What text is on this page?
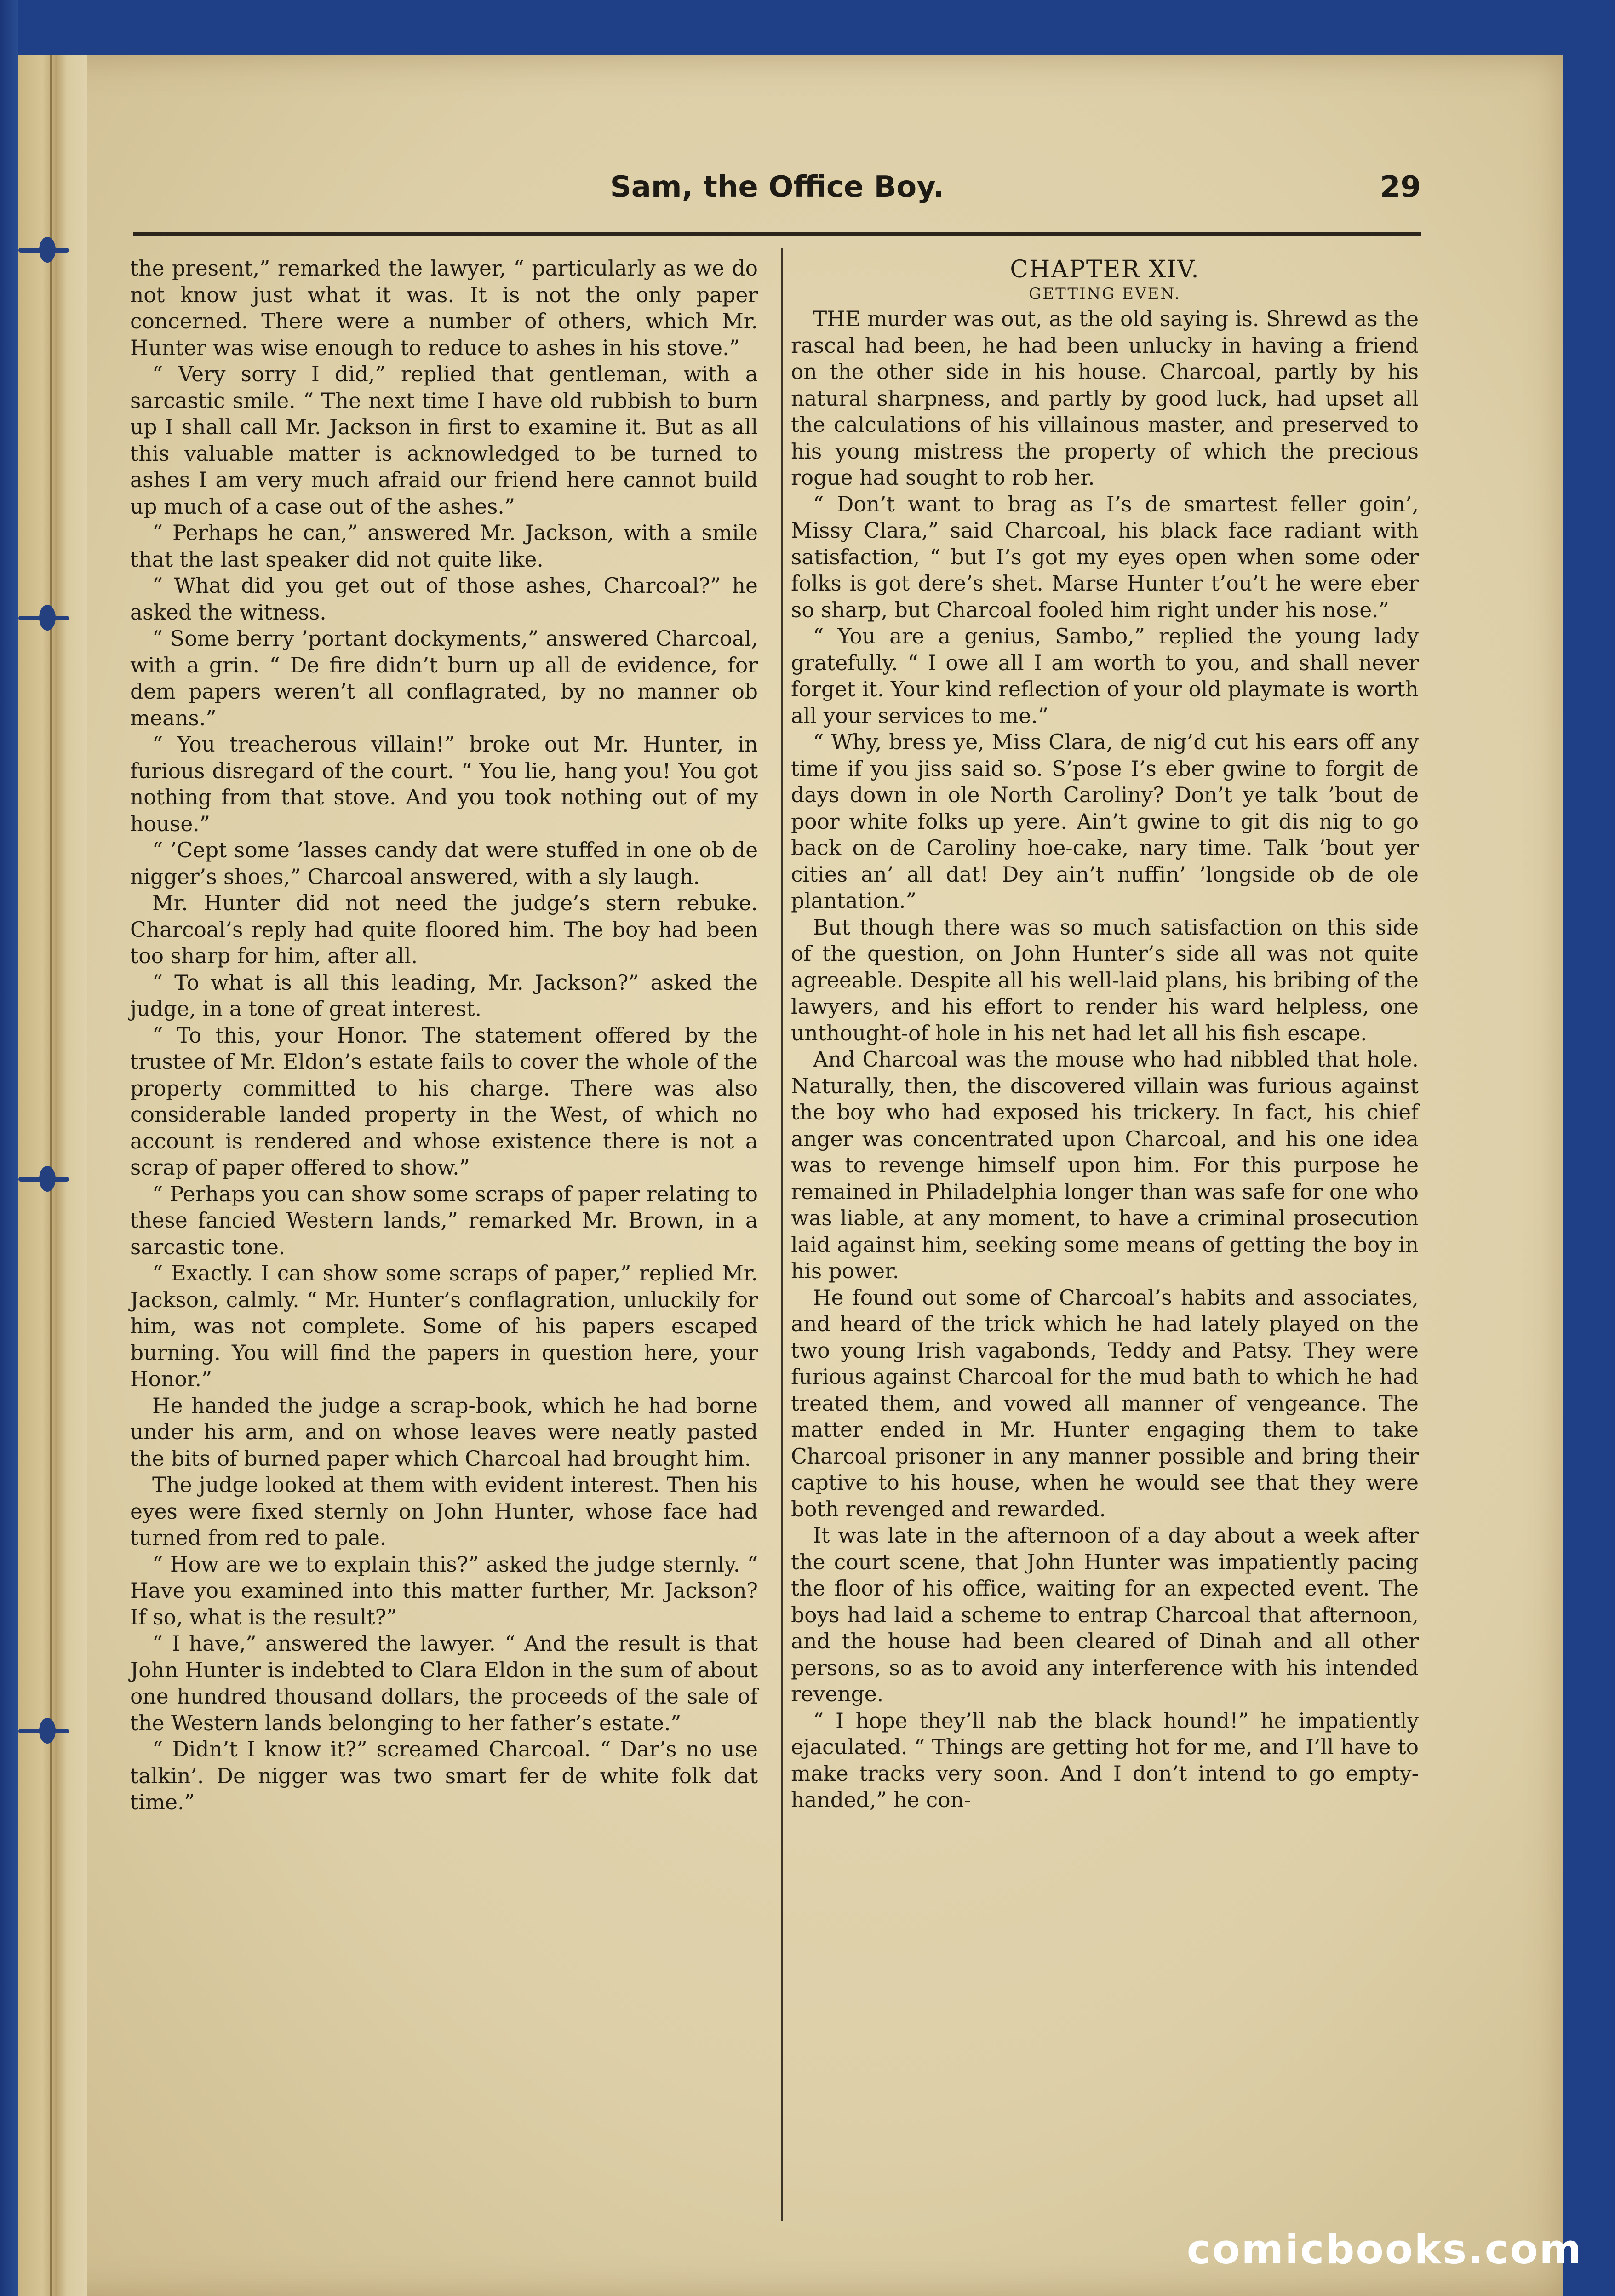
Sam, the Office Boy.	29

the present,” remarked the lawyer, “ particularly as we do not know just what it was. It is not the only paper concerned. There were a number of others, which Mr. Hunter was wise enough to reduce to ashes in his stove.”

“ Very sorry I did,” replied that gentleman, with a sarcastic smile. “ The next time I have old rubbish to burn up I shall call Mr. Jackson in first to examine it. But as all this valuable matter is acknowledged to be turned to ashes I am very much afraid our friend here cannot build up much of a case out of the ashes.”

“ Perhaps he can,” answered Mr. Jackson, with a smile that the last speaker did not quite like.

“ What did you get out of those ashes, Charcoal?” he asked the witness.

“ Some berry ’portant dockyments,” answered Charcoal, with a grin. “ De fire didn’t burn up all de evidence, for dem papers weren’t all conflagrated, by no manner ob means.”

“ You treacherous villain!” broke out Mr. Hunter, in furious disregard of the court. “ You lie, hang you! You got nothing from that stove. And you took nothing out of my house.”

“ ’Cept some ’lasses candy dat were stuffed in one ob de nigger’s shoes,” Charcoal answered, with a sly laugh.

Mr. Hunter did not need the judge’s stern rebuke. Charcoal’s reply had quite floored him. The boy had been too sharp for him, after all.

“ To what is all this leading, Mr. Jackson?” asked the judge, in a tone of great interest.

“ To this, your Honor. The statement offered by the trustee of Mr. Eldon’s estate fails to cover the whole of the property committed to his charge. There was also considerable landed property in the West, of which no account is rendered and whose existence there is not a scrap of paper offered to show.”

“ Perhaps you can show some scraps of paper relating to these fancied Western lands,” remarked Mr. Brown, in a sarcastic tone.

“ Exactly. I can show some scraps of paper,” replied Mr. Jackson, calmly. “ Mr. Hunter’s conflagration, unluckily for him, was not complete. Some of his papers escaped burning. You will find the papers in question here, your Honor.”

He handed the judge a scrap-book, which he had borne under his arm, and on whose leaves were neatly pasted the bits of burned paper which Charcoal had brought him.

The judge looked at them with evident interest. Then his eyes were fixed sternly on John Hunter, whose face had turned from red to pale.

“ How are we to explain this?” asked the judge sternly. “ Have you examined into this matter further, Mr. Jackson? If so, what is the result?”

“ I have,” answered the lawyer. “ And the result is that John Hunter is indebted to Clara Eldon in the sum of about one hundred thousand dollars, the proceeds of the sale of the Western lands belonging to her father’s estate.”

“ Didn’t I know it?” screamed Charcoal. “ Dar’s no use talkin’. De nigger was two smart fer de white folk dat time.”

CHAPTER XIV.

GETTING EVEN.

THE murder was out, as the old saying is. Shrewd as the rascal had been, he had been unlucky in having a friend on the other side in his house. Charcoal, partly by his natural sharpness, and partly by good luck, had upset all the calculations of his villainous master, and preserved to his young mistress the property of which the precious rogue had sought to rob her.

“ Don’t want to brag as I’s de smartest feller goin’, Missy Clara,” said Charcoal, his black face radiant with satisfaction, “ but I’s got my eyes open when some oder folks is got dere’s shet. Marse Hunter t’ou’t he were eber so sharp, but Charcoal fooled him right under his nose.”

“ You are a genius, Sambo,” replied the young lady gratefully. “ I owe all I am worth to you, and shall never forget it. Your kind reflection of your old playmate is worth all your services to me.”

“ Why, bress ye, Miss Clara, de nig’d cut his ears off any time if you jiss said so. S’pose I’s eber gwine to forgit de days down in ole North Caroliny? Don’t ye talk ’bout de poor white folks up yere. Ain’t gwine to git dis nig to go back on de Caroliny hoe-cake, nary time. Talk ’bout yer cities an’ all dat! Dey ain’t nuffin’ ’longside ob de ole plantation.”

But though there was so much satisfaction on this side of the question, on John Hunter’s side all was not quite agreeable. Despite all his well-laid plans, his bribing of the lawyers, and his effort to render his ward helpless, one unthought-of hole in his net had let all his fish escape.

And Charcoal was the mouse who had nibbled that hole. Naturally, then, the discovered villain was furious against the boy who had exposed his trickery. In fact, his chief anger was concentrated upon Charcoal, and his one idea was to revenge himself upon him. For this purpose he remained in Philadelphia longer than was safe for one who was liable, at any moment, to have a criminal prosecution laid against him, seeking some means of getting the boy in his power.

He found out some of Charcoal’s habits and associates, and heard of the trick which he had lately played on the two young Irish vagabonds, Teddy and Patsy. They were furious against Charcoal for the mud bath to which he had treated them, and vowed all manner of vengeance. The matter ended in Mr. Hunter engaging them to take Charcoal prisoner in any manner possible and bring their captive to his house, when he would see that they were both revenged and rewarded.

It was late in the afternoon of a day about a week after the court scene, that John Hunter was impatiently pacing the floor of his office, waiting for an expected event. The boys had laid a scheme to entrap Charcoal that afternoon, and the house had been cleared of Dinah and all other persons, so as to avoid any interference with his intended revenge.

“ I hope they’ll nab the black hound!” he impatiently ejaculated. “ Things are getting hot for me, and I’ll have to make tracks very soon. And I don’t intend to go empty-handed,” he con-

comicbooks.com
